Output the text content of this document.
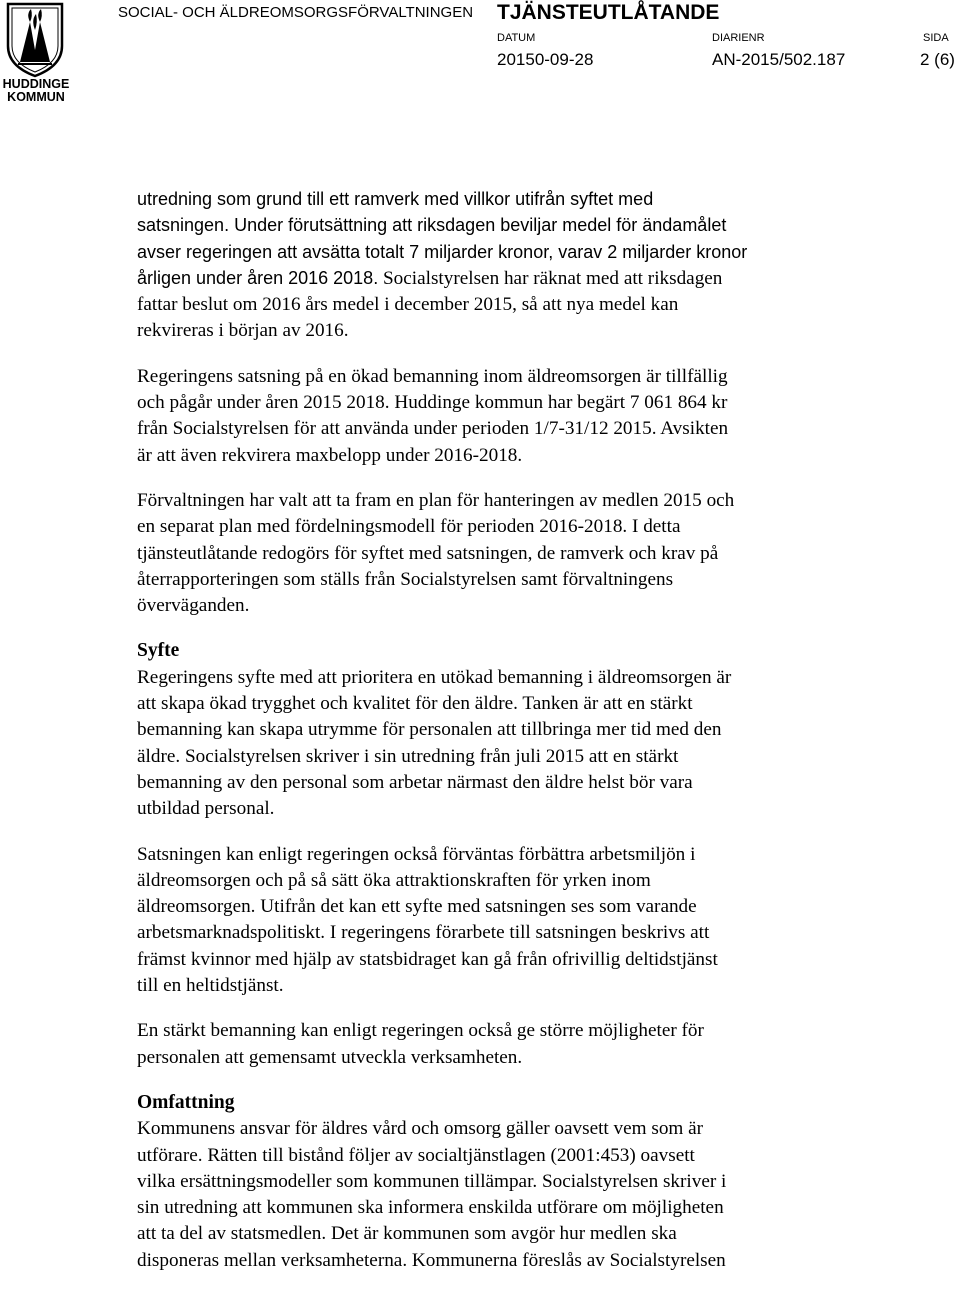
HUDDINGE
KOMMUN
SOCIAL- OCH ÄLDREOMSORGSFÖRVALTNINGEN TJÄNSTEUTLÅTANDE
DATUM
20150-09-28
DIARIENR
AN-2015/502.187
SIDA
2 (6)

utredning som grund till ett ramverk med villkor utifrån syftet med
satsningen. Under förutsättning att riksdagen beviljar medel för ändamålet
avser regeringen att avsätta totalt 7 miljarder kronor, varav 2 miljarder kronor
årligen under åren 2016 2018. Socialstyrelsen har räknat med att riksdagen
fattar beslut om 2016 års medel i december 2015, så att nya medel kan
rekvireras i början av 2016.

Regeringens satsning på en ökad bemanning inom äldreomsorgen är tillfällig
och pågår under åren 2015 2018. Huddinge kommun har begärt 7 061 864 kr
från Socialstyrelsen för att använda under perioden 1/7-31/12 2015. Avsikten
är att även rekvirera maxbelopp under 2016-2018.

Förvaltningen har valt att ta fram en plan för hanteringen av medlen 2015 och
en separat plan med fördelningsmodell för perioden 2016-2018. I detta
tjänsteutlåtande redogörs för syftet med satsningen, de ramverk och krav på
återrapporteringen som ställs från Socialstyrelsen samt förvaltningens
överväganden.

Syfte

Regeringens syfte med att prioritera en utökad bemanning i äldreomsorgen är
att skapa ökad trygghet och kvalitet för den äldre. Tanken är att en stärkt
bemanning kan skapa utrymme för personalen att tillbringa mer tid med den
äldre. Socialstyrelsen skriver i sin utredning från juli 2015 att en stärkt
bemanning av den personal som arbetar närmast den äldre helst bör vara
utbildad personal.

Satsningen kan enligt regeringen också förväntas förbättra arbetsmiljön i
äldreomsorgen och på så sätt öka attraktionskraften för yrken inom
äldreomsorgen. Utifrån det kan ett syfte med satsningen ses som varande
arbetsmarknadspolitiskt. I regeringens förarbete till satsningen beskrivs att
främst kvinnor med hjälp av statsbidraget kan gå från ofrivillig deltidstjänst
till en heltidstjänst.

En stärkt bemanning kan enligt regeringen också ge större möjligheter för
personalen att gemensamt utveckla verksamheten.

Omfattning

Kommunens ansvar för äldres vård och omsorg gäller oavsett vem som är
utförare. Rätten till bistånd följer av socialtjänstlagen (2001:453) oavsett
vilka ersättningsmodeller som kommunen tillämpar. Socialstyrelsen skriver i
sin utredning att kommunen ska informera enskilda utförare om möjligheten
att ta del av statsmedlen. Det är kommunen som avgör hur medlen ska
disponeras mellan verksamheterna. Kommunerna föreslås av Socialstyrelsen
